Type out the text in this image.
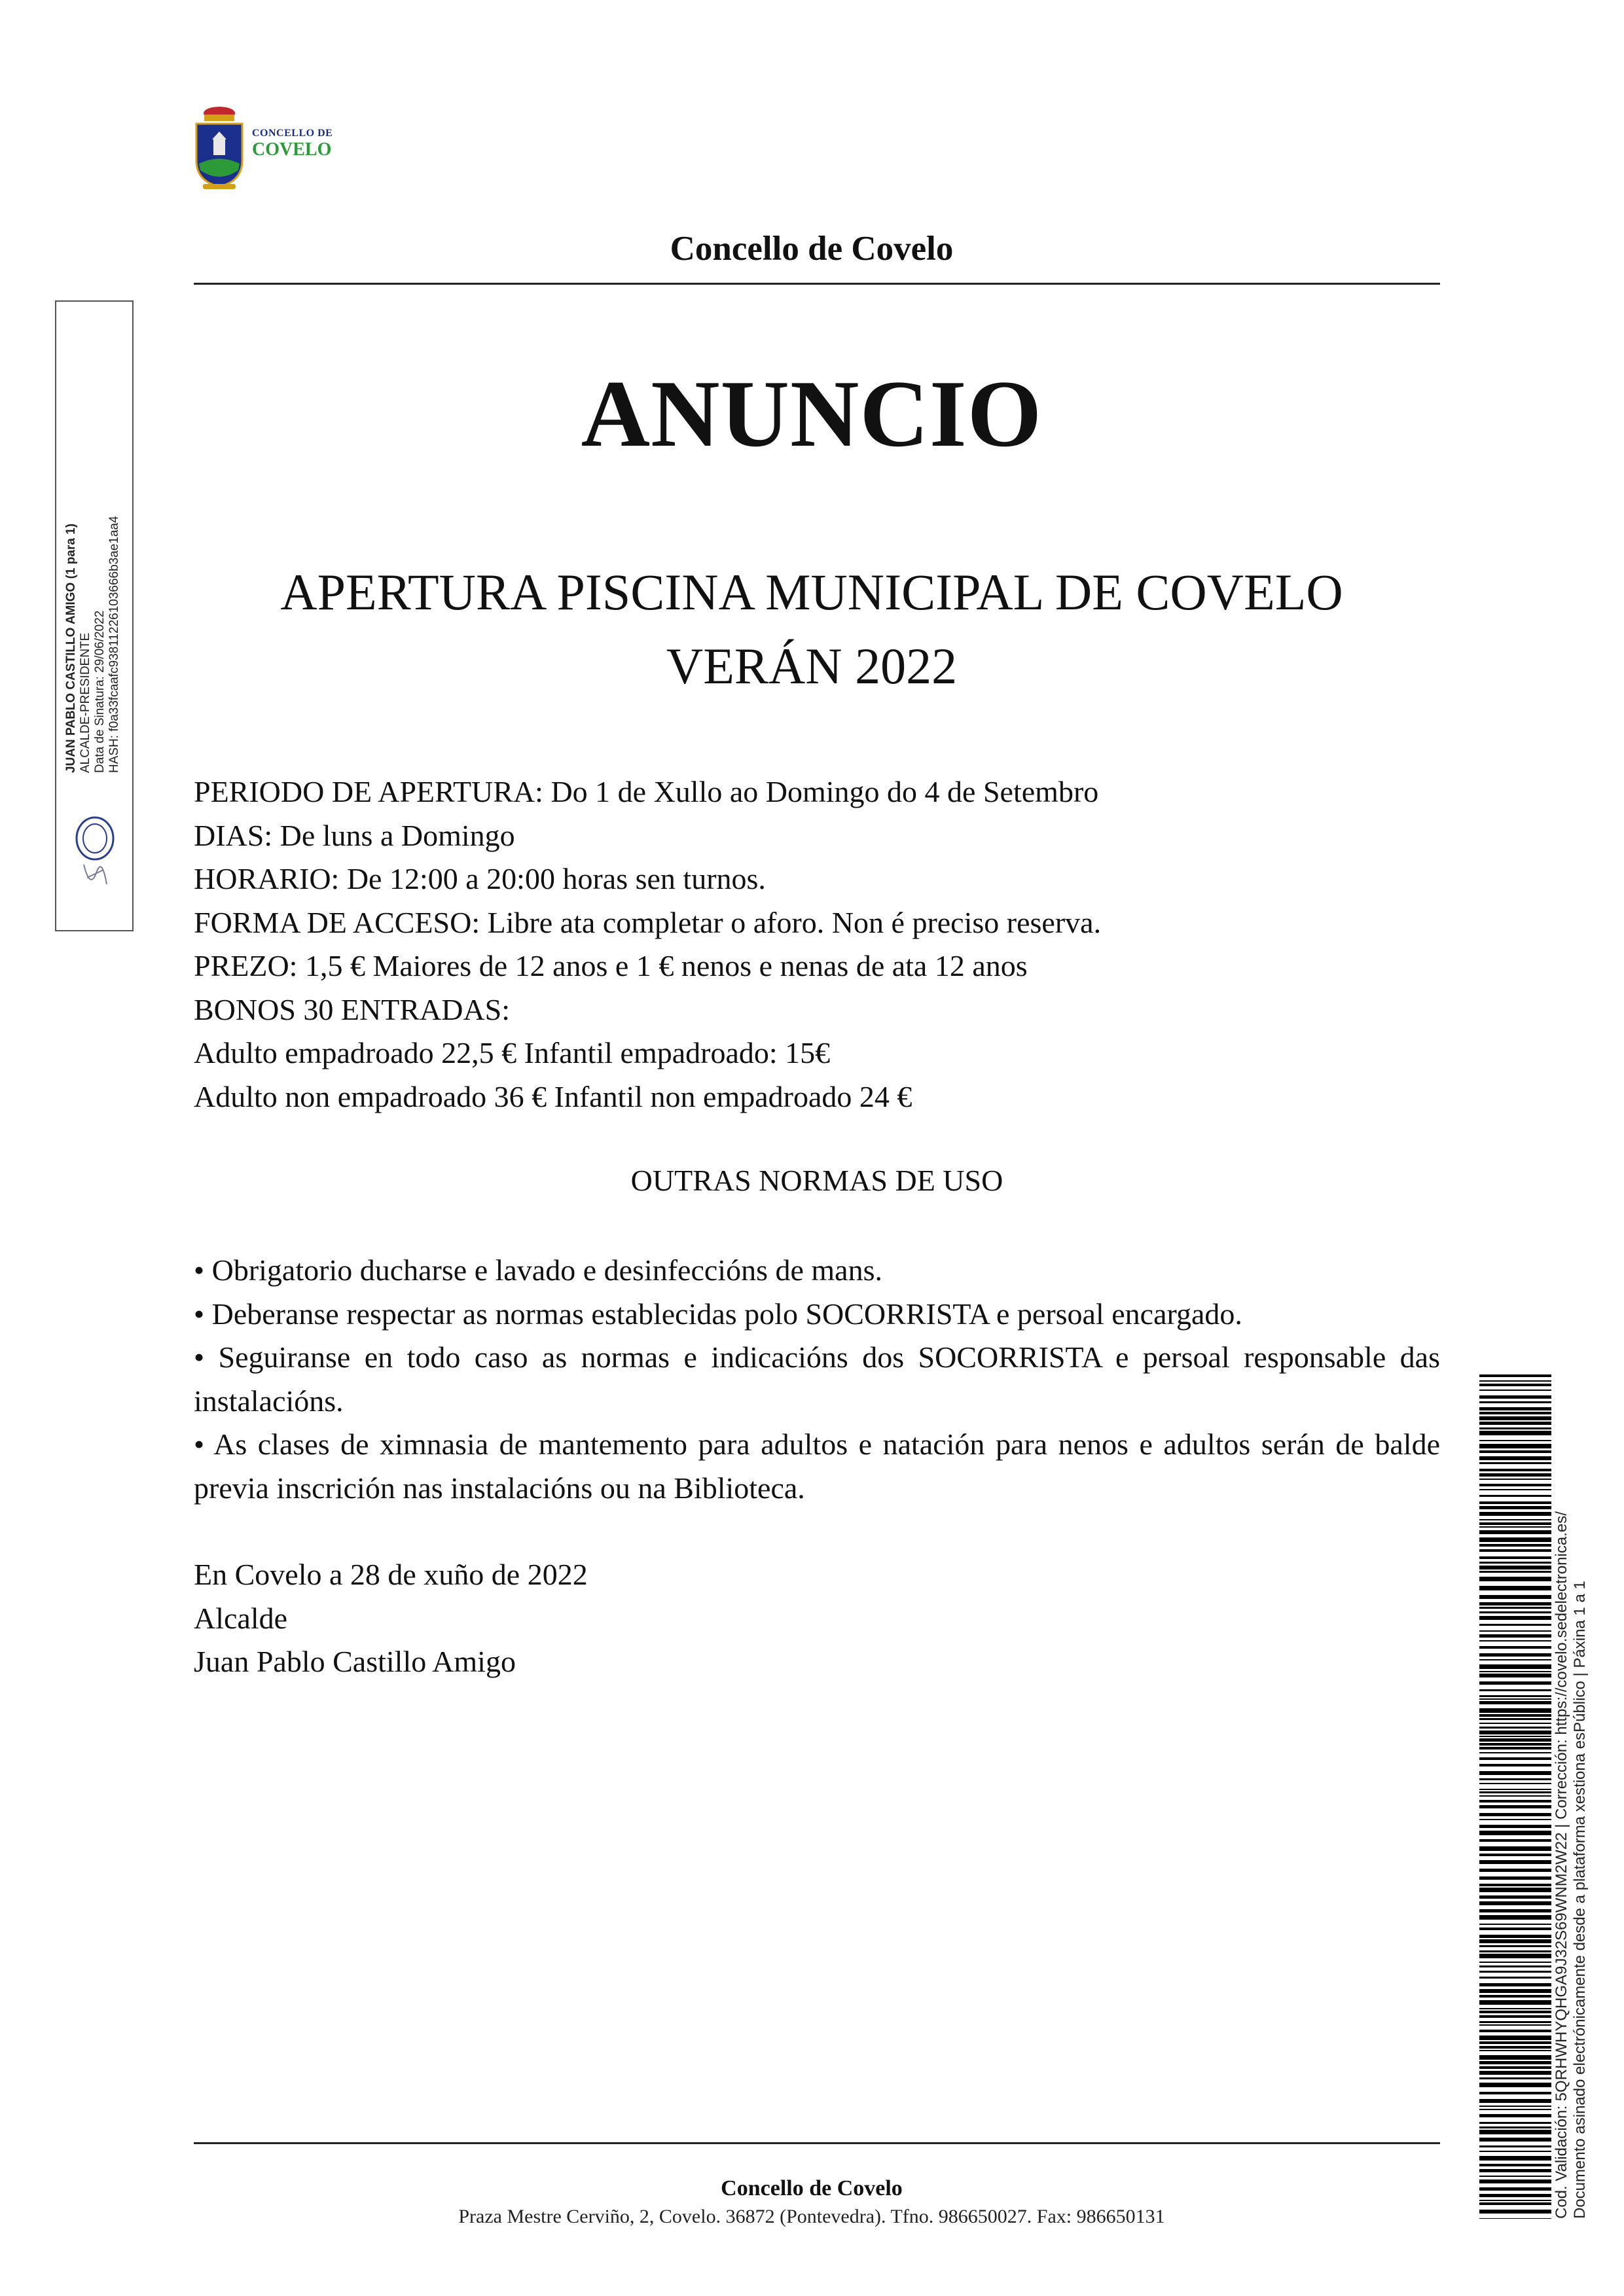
CONCELLO DE
COVELO
Concello de Covelo
ANUNCIO
APERTURA PISCINA MUNICIPAL DE COVELO
VERÁN 2022
PERIODO DE APERTURA: Do 1 de Xullo ao Domingo do 4 de Setembro
DIAS: De luns a Domingo
HORARIO: De 12:00 a 20:00 horas sen turnos.
FORMA DE ACCESO: Libre ata completar o aforo. Non é preciso reserva.
PREZO: 1,5 € Maiores de 12 anos e 1 € nenos e nenas de ata 12 anos
BONOS 30 ENTRADAS:
Adulto empadroado 22,5 € Infantil empadroado: 15€
Adulto non empadroado 36 € Infantil non empadroado 24 €
OUTRAS NORMAS DE USO

• Obrigatorio ducharse e lavado e desinfeccións de mans.

• Deberanse respectar as normas establecidas polo SOCORRISTA e persoal encargado.

• Seguiranse en todo caso as normas e indicacións dos SOCORRISTA e persoal responsable das instalacións.

• As clases de ximnasia de mantemento para adultos e natación para nenos e adultos serán de balde previa inscrición nas instalacións ou na Biblioteca.

En Covelo a 28 de xuño de 2022
Alcalde
Juan Pablo Castillo Amigo
JUAN PABLO CASTILLO AMIGO (1 para 1) ALCALDE-PRESIDENTE Data de Sinatura: 29/06/2022 HASH: f0a33fcaafc93811226103666b3ae1aa4
Cod. Validación: 5QRHWHYQHGA9J32S69WNM2W22 | Corrección: https://covelo.sedelectronica.es/ Documento asinado electrónicamente desde a plataforma xestiona esPúblico | Páxina 1 a 1
Concello de Covelo
Praza Mestre Cerviño, 2, Covelo. 36872 (Pontevedra). Tfno. 986650027. Fax: 986650131
